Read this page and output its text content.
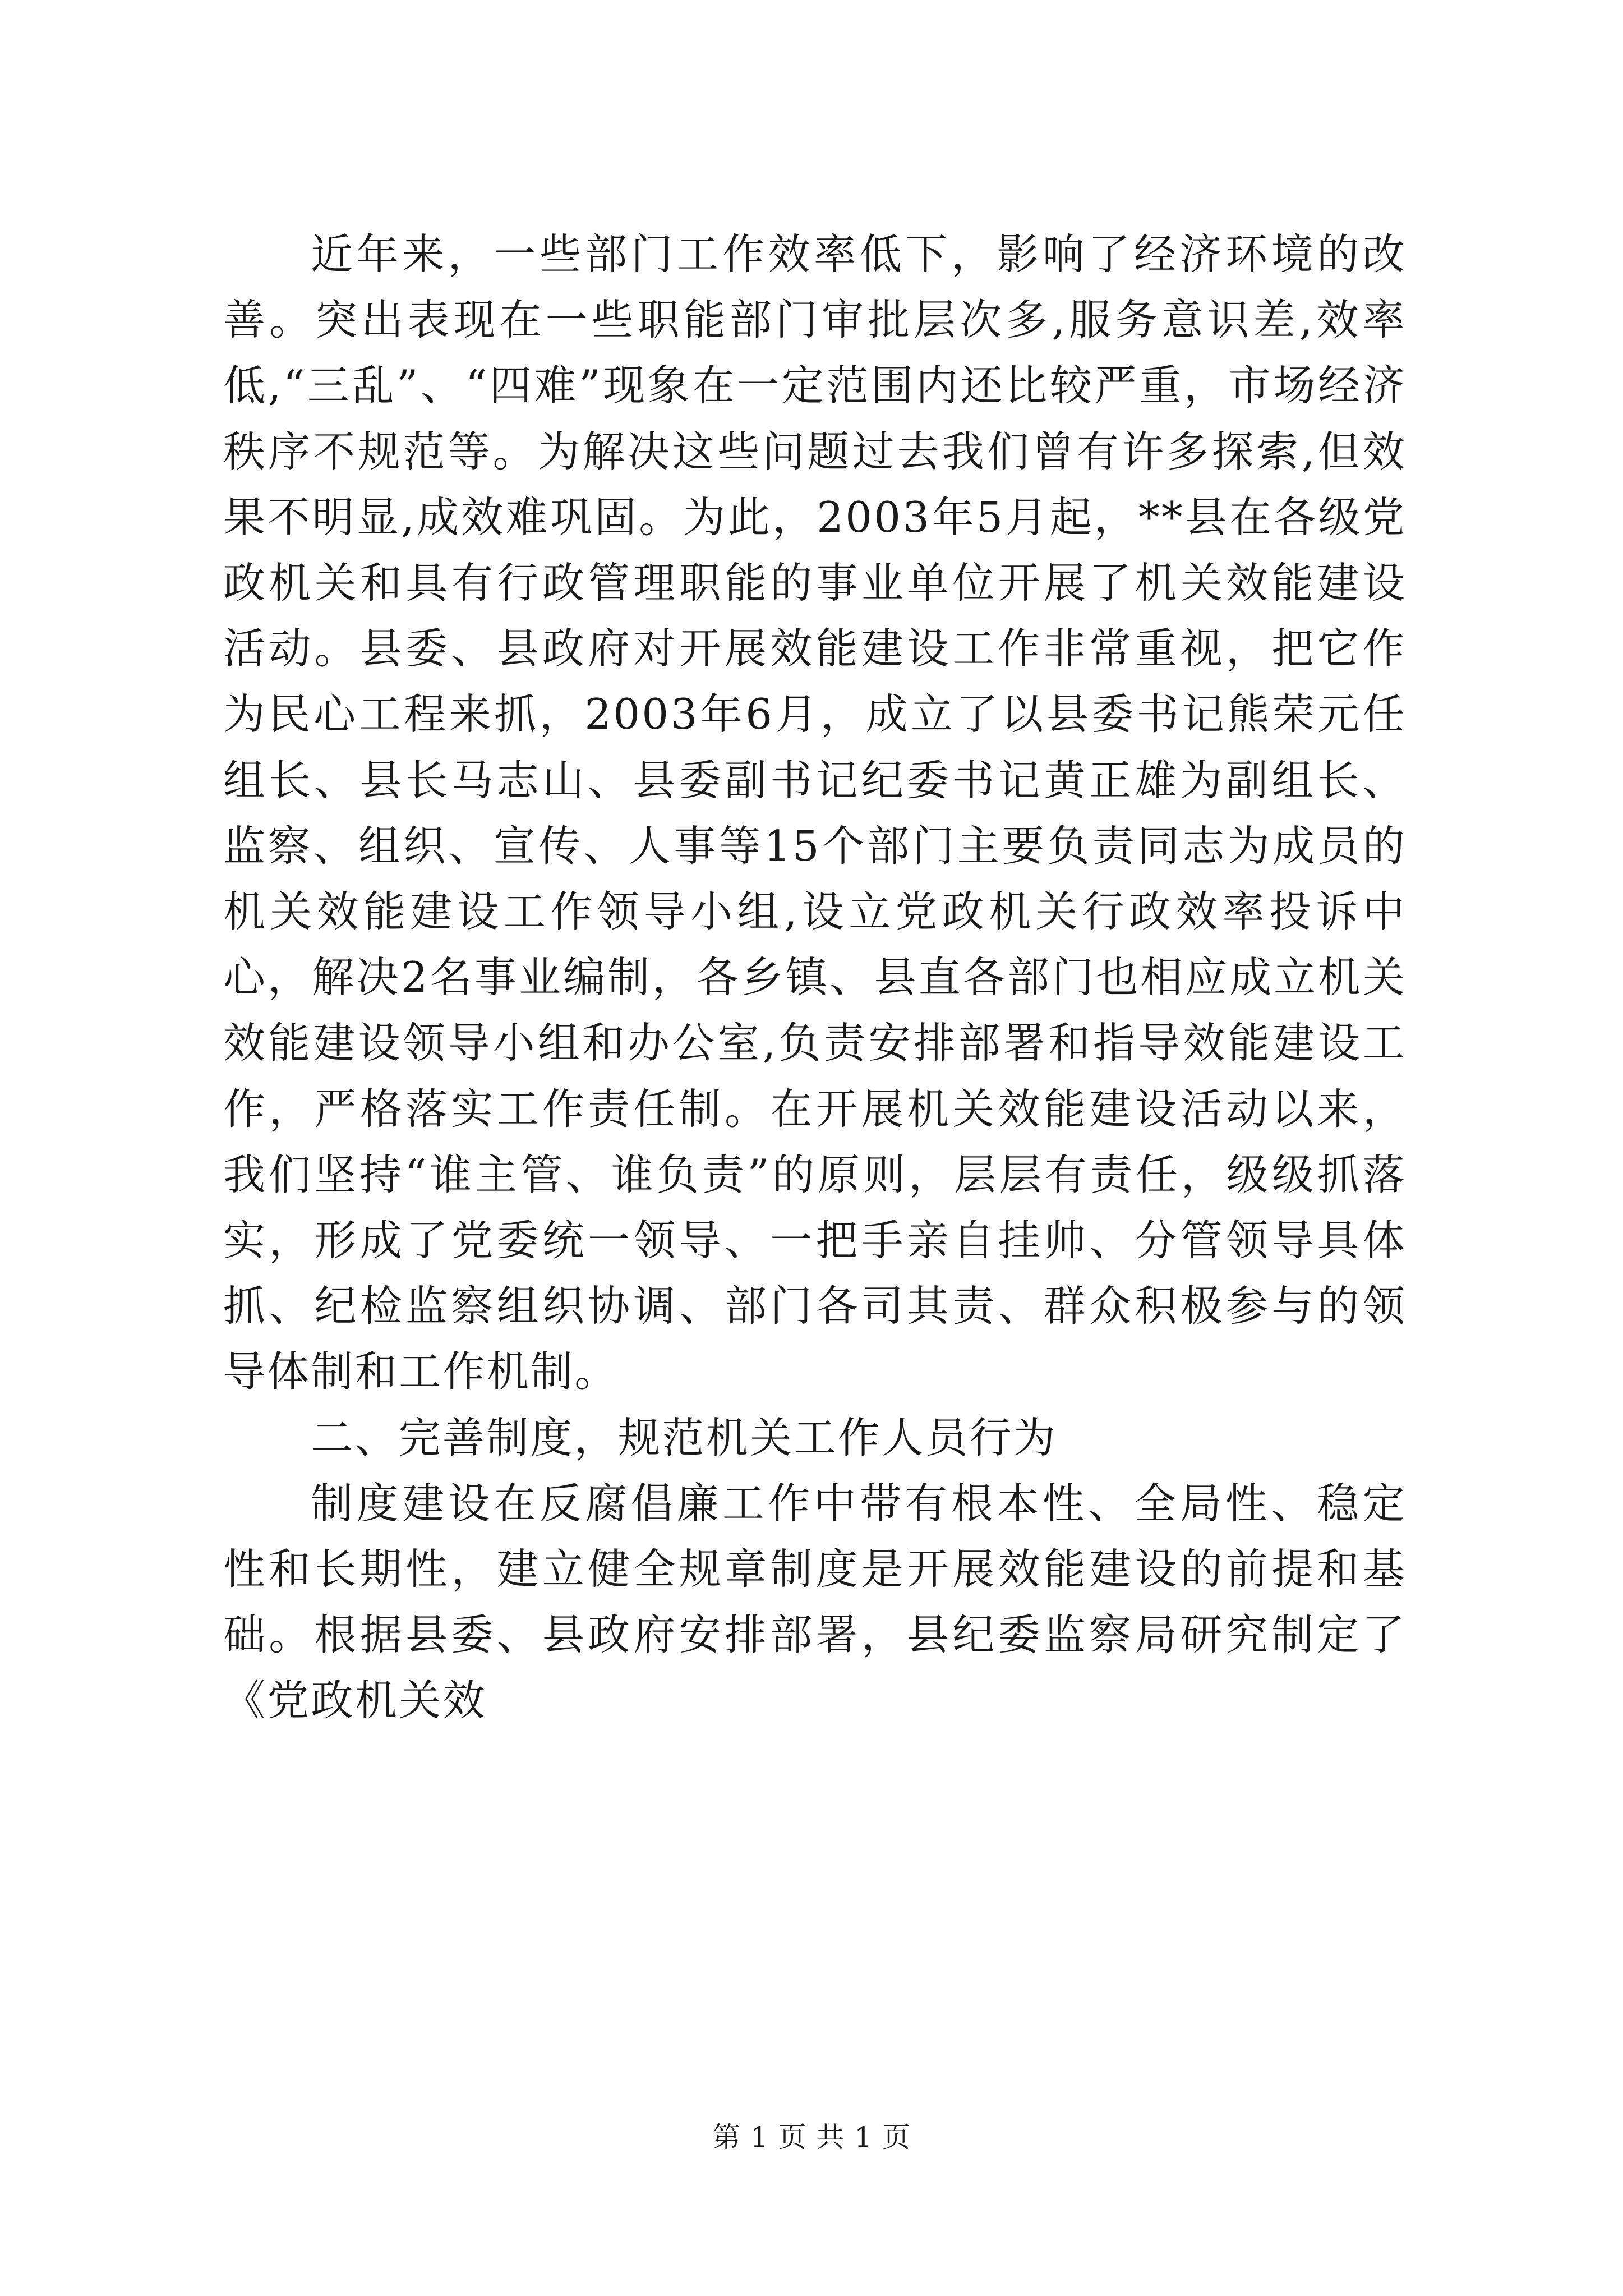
近年来，一些部门工作效率低下，影响了经济环境的改善。突出表现在一些职能部门审批层次多,服务意识差,效率低,“三乱”、“四难”现象在一定范围内还比较严重，市场经济秩序不规范等。为解决这些问题过去我们曾有许多探索,但效果不明显,成效难巩固。为此，2003年5月起，**县在各级党政机关和具有行政管理职能的事业单位开展了机关效能建设活动。县委、县政府对开展效能建设工作非常重视，把它作为民心工程来抓，2003年6月，成立了以县委书记熊荣元任组长、县长马志山、县委副书记纪委书记黄正雄为副组长、监察、组织、宣传、人事等15个部门主要负责同志为成员的机关效能建设工作领导小组,设立党政机关行政效率投诉中心，解决2名事业编制，各乡镇、县直各部门也相应成立机关效能建设领导小组和办公室,负责安排部署和指导效能建设工作，严格落实工作责任制。在开展机关效能建设活动以来，我们坚持“谁主管、谁负责”的原则，层层有责任，级级抓落实，形成了党委统一领导、一把手亲自挂帅、分管领导具体抓、纪检监察组织协调、部门各司其责、群众积极参与的领导体制和工作机制。

二、完善制度，规范机关工作人员行为

制度建设在反腐倡廉工作中带有根本性、全局性、稳定性和长期性，建立健全规章制度是开展效能建设的前提和基础。根据县委、县政府安排部署，县纪委监察局研究制定了《党政机关效

第 1 页 共 1 页
